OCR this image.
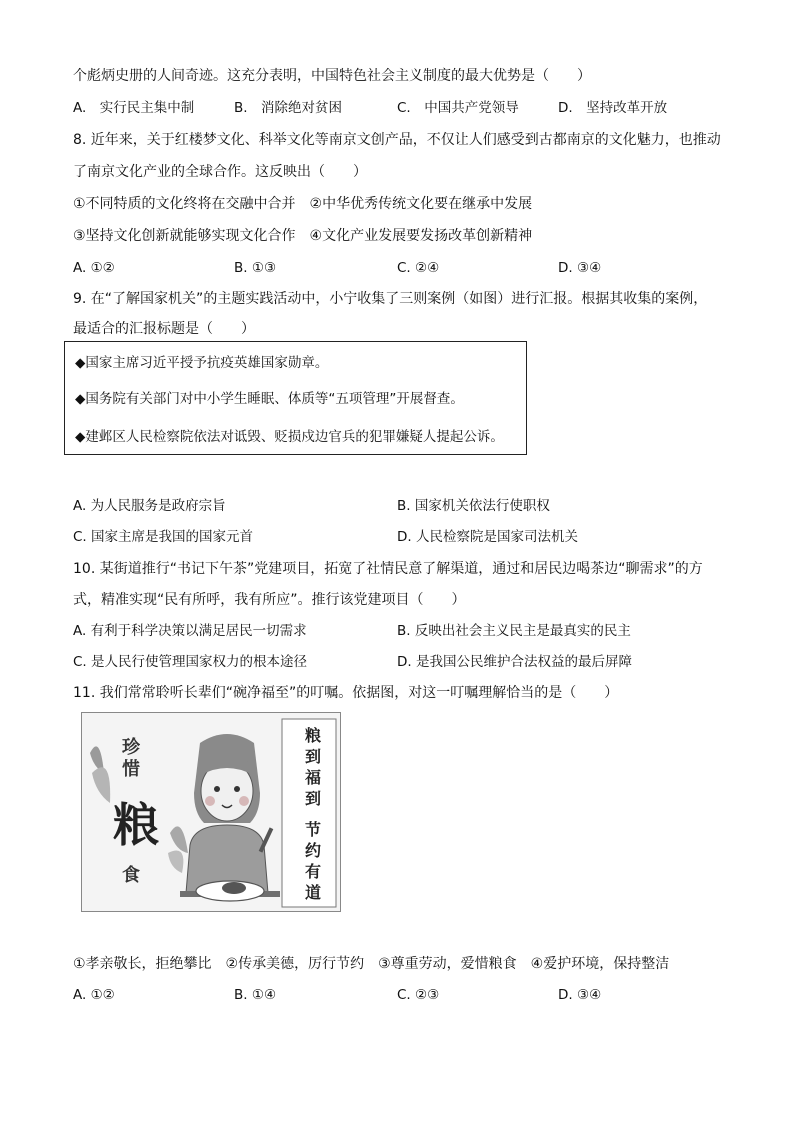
个彪炳史册的人间奇迹。这充分表明，中国特色社会主义制度的最大优势是（　　）
A.　实行民主集中制	B.　消除绝对贫困	C.　中国共产党领导	D.　坚持改革开放
8. 近年来，关于红楼梦文化、科举文化等南京文创产品，不仅让人们感受到古都南京的文化魅力，也推动
了南京文化产业的全球合作。这反映出（　　）
①不同特质的文化终将在交融中合并　②中华优秀传统文化要在继承中发展
③坚持文化创新就能够实现文化合作　④文化产业发展要发扬改革创新精神
A. ①②	B. ①③	C. ②④	D. ③④
9. 在“了解国家机关”的主题实践活动中，小宁收集了三则案例（如图）进行汇报。根据其收集的案例，
最适合的汇报标题是（　　）
◆国家主席习近平授予抗疫英雄国家勋章。
◆国务院有关部门对中小学生睡眠、体质等“五项管理”开展督查。
◆建邺区人民检察院依法对诋毁、贬损戍边官兵的犯罪嫌疑人提起公诉。
A. 为人民服务是政府宗旨	B. 国家机关依法行使职权
C. 国家主席是我国的国家元首	D. 人民检察院是国家司法机关
10. 某街道推行“书记下午茶”党建项目，拓宽了社情民意了解渠道，通过和居民边喝茶边“聊需求”的方
式，精准实现“民有所呼，我有所应”。推行该党建项目（　　）
A. 有利于科学决策以满足居民一切需求	B. 反映出社会主义民主是最真实的民主
C. 是人民行使管理国家权力的根本途径	D. 是我国公民维护合法权益的最后屏障
11. 我们常常聆听长辈们“碗净福至”的叮嘱。依据图，对这一叮嘱理解恰当的是（　　）
珍
惜
粮
食
粮
到
福
到
节
约
有
道
①孝亲敬长，拒绝攀比　②传承美德，厉行节约　③尊重劳动，爱惜粮食　④爱护环境，保持整洁
A. ①②	B. ①④	C. ②③	D. ③④
